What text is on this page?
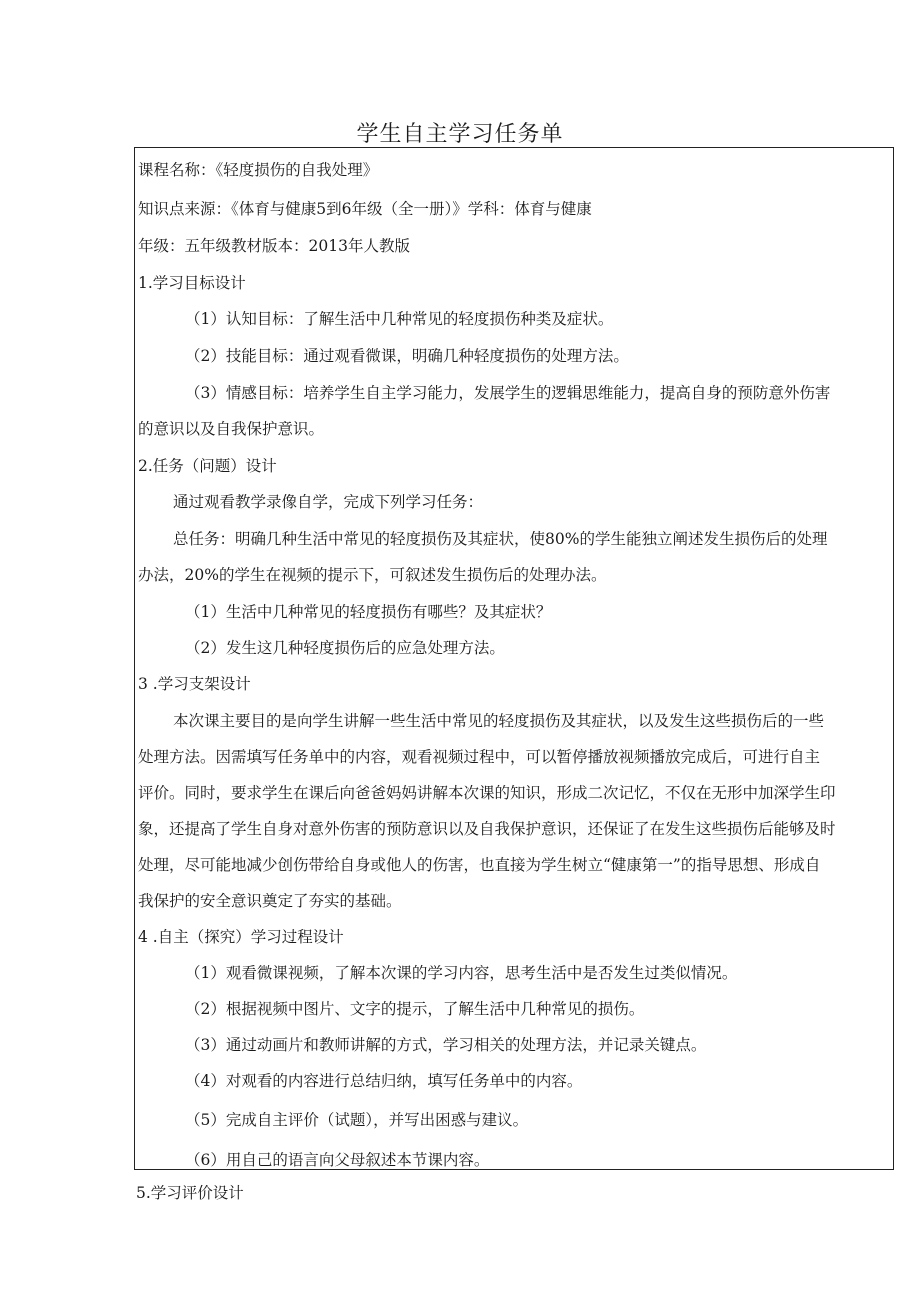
学生自主学习任务单
课程名称：《轻度损伤的自我处理》
知识点来源：《体育与健康5到6年级（全一册）》学科：体育与健康
年级：五年级教材版本：2013年人教版
1.学习目标设计
（1）认知目标：了解生活中几种常见的轻度损伤种类及症状。
（2）技能目标：通过观看微课，明确几种轻度损伤的处理方法。
（3）情感目标：培养学生自主学习能力，发展学生的逻辑思维能力，提高自身的预防意外伤害
的意识以及自我保护意识。
2.任务（问题）设计
通过观看教学录像自学，完成下列学习任务：
总任务：明确几种生活中常见的轻度损伤及其症状，使80%的学生能独立阐述发生损伤后的处理
办法，20%的学生在视频的提示下，可叙述发生损伤后的处理办法。
（1）生活中几种常见的轻度损伤有哪些？及其症状？
（2）发生这几种轻度损伤后的应急处理方法。
3 .学习支架设计
本次课主要目的是向学生讲解一些生活中常见的轻度损伤及其症状，以及发生这些损伤后的一些
处理方法。因需填写任务单中的内容，观看视频过程中，可以暂停播放视频播放完成后，可进行自主
评价。同时，要求学生在课后向爸爸妈妈讲解本次课的知识，形成二次记忆，不仅在无形中加深学生印
象，还提高了学生自身对意外伤害的预防意识以及自我保护意识，还保证了在发生这些损伤后能够及时
处理，尽可能地减少创伤带给自身或他人的伤害，也直接为学生树立“健康第一”的指导思想、形成自
我保护的安全意识奠定了夯实的基础。
4 .自主（探究）学习过程设计
（1）观看微课视频，了解本次课的学习内容，思考生活中是否发生过类似情况。
（2）根据视频中图片、文字的提示，了解生活中几种常见的损伤。
（3）通过动画片和教师讲解的方式，学习相关的处理方法，并记录关键点。
（4）对观看的内容进行总结归纳，填写任务单中的内容。
（5）完成自主评价（试题），并写出困惑与建议。
（6）用自己的语言向父母叙述本节课内容。
5.学习评价设计
